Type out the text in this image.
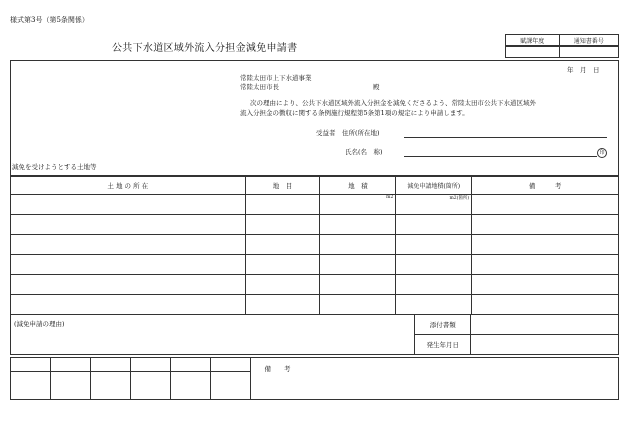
様式第3号（第5条関係）
公共下水道区域外流入分担金減免申請書
賦課年度	通知書番号

年　月　日
常陸太田市上下水道事業
常陸太田市長	殿
次の理由により、公共下水道区域外流入分担金を減免くださるよう、常陸太田市公共下水道区域外
流入分担金の徴収に関する条例施行規程第5条第1項の規定により申請します。
受益者　住所(所在地)
氏名(名　称)	印
減免を受けようとする土地等
土 地 の 所 在	地　目	地　積	減免申請地積(箇所)	備　　　考
		m2	m2(箇所)	

(減免申請の理由)	添付書類	
	発生年月日	
						備　　考
